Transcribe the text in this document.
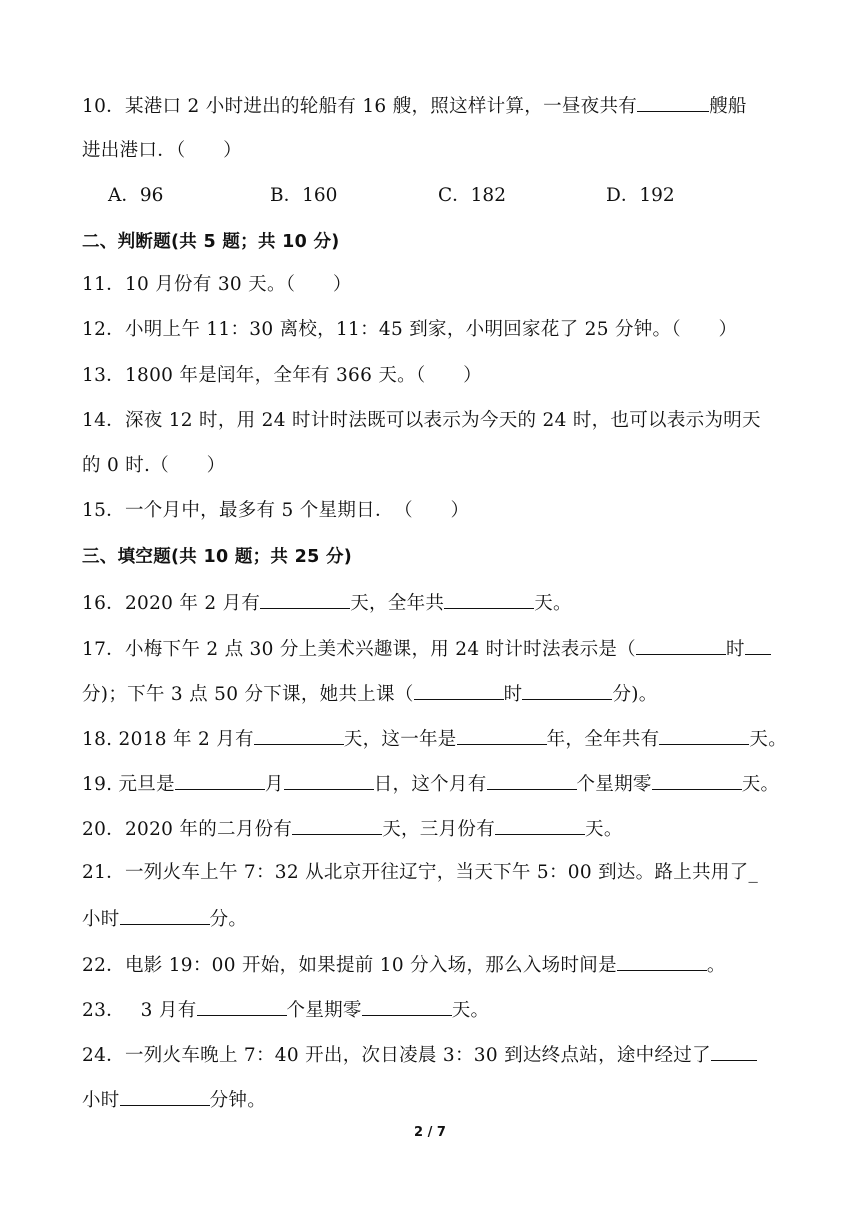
10．某港口 2 小时进出的轮船有 16 艘，照这样计算，一昼夜共有	艘船
进出港口．（　　）
A．96	B．160	C．182	D．192
二、判断题(共 5 题；共 10 分)
11．10 月份有 30 天。（　　）
12．小明上午 11：30 离校，11：45 到家，小明回家花了 25 分钟。（　　）
13．1800 年是闰年，全年有 366 天。（　　）
14．深夜 12 时，用 24 时计时法既可以表示为今天的 24 时，也可以表示为明天
的 0 时.（　　）
15．一个月中，最多有 5 个星期日．　（　　）
三、填空题(共 10 题；共 25 分)
16．2020 年 2 月有	天，全年共	天。
17．小梅下午 2 点 30 分上美术兴趣课，用 24 时计时法表示是（	时
分)；下午 3 点 50 分下课，她共上课（	时	分)。
18. 2018 年 2 月有	天，这一年是	年，全年共有	天。
19. 元旦是	月	日，这个月有	个星期零	天。
20．2020 年的二月份有	天，三月份有	天。
21．一列火车上午 7：32 从北京开往辽宁，当天下午 5：00 到达。路上共用了_
小时	分。
22．电影 19：00 开始，如果提前 10 分入场，那么入场时间是	。
23．　 3 月有	个星期零	天。
24．一列火车晚上 7：40 开出，次日凌晨 3：30 到达终点站，途中经过了
小时	分钟。
2 / 7
